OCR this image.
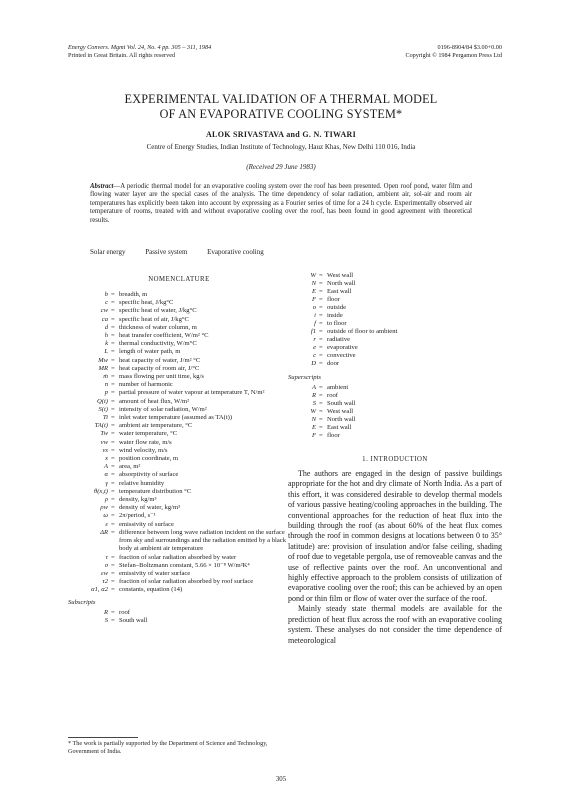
Energy Convers. Mgmt Vol. 24, No. 4 pp. 305 – 311, 1984
Printed in Great Britain. All rights reserved
0196-8904/84 $3.00+0.00
Copyright © 1984 Pergamon Press Ltd
EXPERIMENTAL VALIDATION OF A THERMAL MODEL
OF AN EVAPORATIVE COOLING SYSTEM*
ALOK SRIVASTAVA and G. N. TIWARI
Centre of Energy Studies, Indian Institute of Technology, Hauz Khas, New Delhi 110 016, India
(Received 29 June 1983)
Abstract—A periodic thermal model for an evaporative cooling system over the roof has been presented. Open roof pond, water film and flowing water layer are the special cases of the analysis. The time dependency of solar radiation, ambient air, sol-air and room air temperatures has explicitly been taken into account by expressing as a Fourier series of time for a 24 h cycle. Experimentally observed air temperature of rooms, treated with and without evaporative cooling over the roof, has been found in good agreement with theoretical results.
Solar energy	Passive system	Evaporative cooling
NOMENCLATURE
b = breadth, m
c = specific heat, J/kg°C
cw = specific heat of water, J/kg°C
ca = specific heat of air, J/kg°C
d = thickness of water column, m
h = heat transfer coefficient, W/m² °C
k = thermal conductivity, W/m°C
L = length of water path, m
Mw = heat capacity of water, J/m² °C
MR = heat capacity of room air, J/°C
ṁ = mass flowing per unit time, kg/s
n = number of harmonic
p = partial pressure of water vapour at temperature T, N/m²
Q(t) = amount of heat flux, W/m²
S(t) = intensity of solar radiation, W/m²
Ti = inlet water temperature (assumed as TA(t))
TA(t) = ambient air temperature, °C
Tw = water temperature, °C
vw = water flow rate, m/s
vs = wind velocity, m/s
x = position coordinate, m
A = area, m²
α = absorptivity of surface
γ = relative humidity
θ(x,t) = temperature distribution °C
ρ = density, kg/m³
ρw = density of water, kg/m³
ω = 2π/period, s⁻¹
ε = emissivity of surface
ΔR = difference between long wave radiation incident on the surface from sky and surroundings and the radiation emitted by a black body at ambient air temperature
τ = fraction of solar radiation absorbed by water
σ = Stefan–Boltzmann constant, 5.66 × 10⁻⁸ W/m²K⁴
εw = emissivity of water surface
τ2 = fraction of solar radiation absorbed by roof surface
α1, α2 = constants, equation (14)
Subscripts
R = roof
S = South wall
W = West wall
N = North wall
E = East wall
F = floor
o = outside
i = inside
f = to floor
f1 = outside of floor to ambient
r = radiative
e = evaporative
c = convective
D = door
Superscripts
A = ambient
R = roof
S = South wall
W = West wall
N = North wall
E = East wall
F = floor
1. INTRODUCTION

The authors are engaged in the design of passive buildings appropriate for the hot and dry climate of North India. As a part of this effort, it was considered desirable to develop thermal models of various passive heating/cooling approaches in the building. The conventional approaches for the reduction of heat flux into the building through the roof (as about 60% of the heat flux comes through the roof in common designs at locations between 0 to 35° latitude) are: provision of insulation and/or false ceiling, shading of roof due to vegetable pergola, use of removeable canvas and the use of reflective paints over the roof. An unconventional and highly effective approach to the problem consists of utilization of evaporative cooling over the roof; this can be achieved by an open pond or thin film or flow of water over the surface of the roof.

Mainly steady state thermal models are available for the prediction of heat flux across the roof with an evaporative cooling system. These analyses do not consider the time dependence of meteorological

* The work is partially supported by the Department of Science and Technology, Government of India.
305
